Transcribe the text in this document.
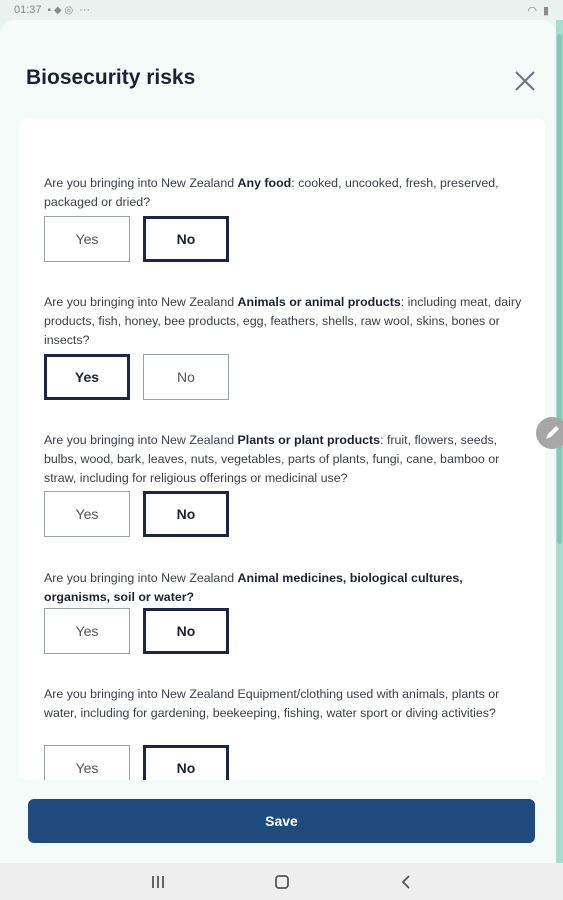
01:37 ▪ ◆ ◎ ···	◠ ▮
Biosecurity risks
Are you bringing into New Zealand Any food: cooked, uncooked, fresh, preserved, packaged or dried?
Yes	No
Are you bringing into New Zealand Animals or animal products: including meat, dairy products, fish, honey, bee products, egg, feathers, shells, raw wool, skins, bones or insects?
Yes	No
Are you bringing into New Zealand Plants or plant products: fruit, flowers, seeds, bulbs, wood, bark, leaves, nuts, vegetables, parts of plants, fungi, cane, bamboo or straw, including for religious offerings or medicinal use?
Yes	No
Are you bringing into New Zealand Animal medicines, biological cultures, organisms, soil or water?
Yes	No
Are you bringing into New Zealand Equipment/clothing used with animals, plants or water, including for gardening, beekeeping, fishing, water sport or diving activities?
Yes	No
Save
